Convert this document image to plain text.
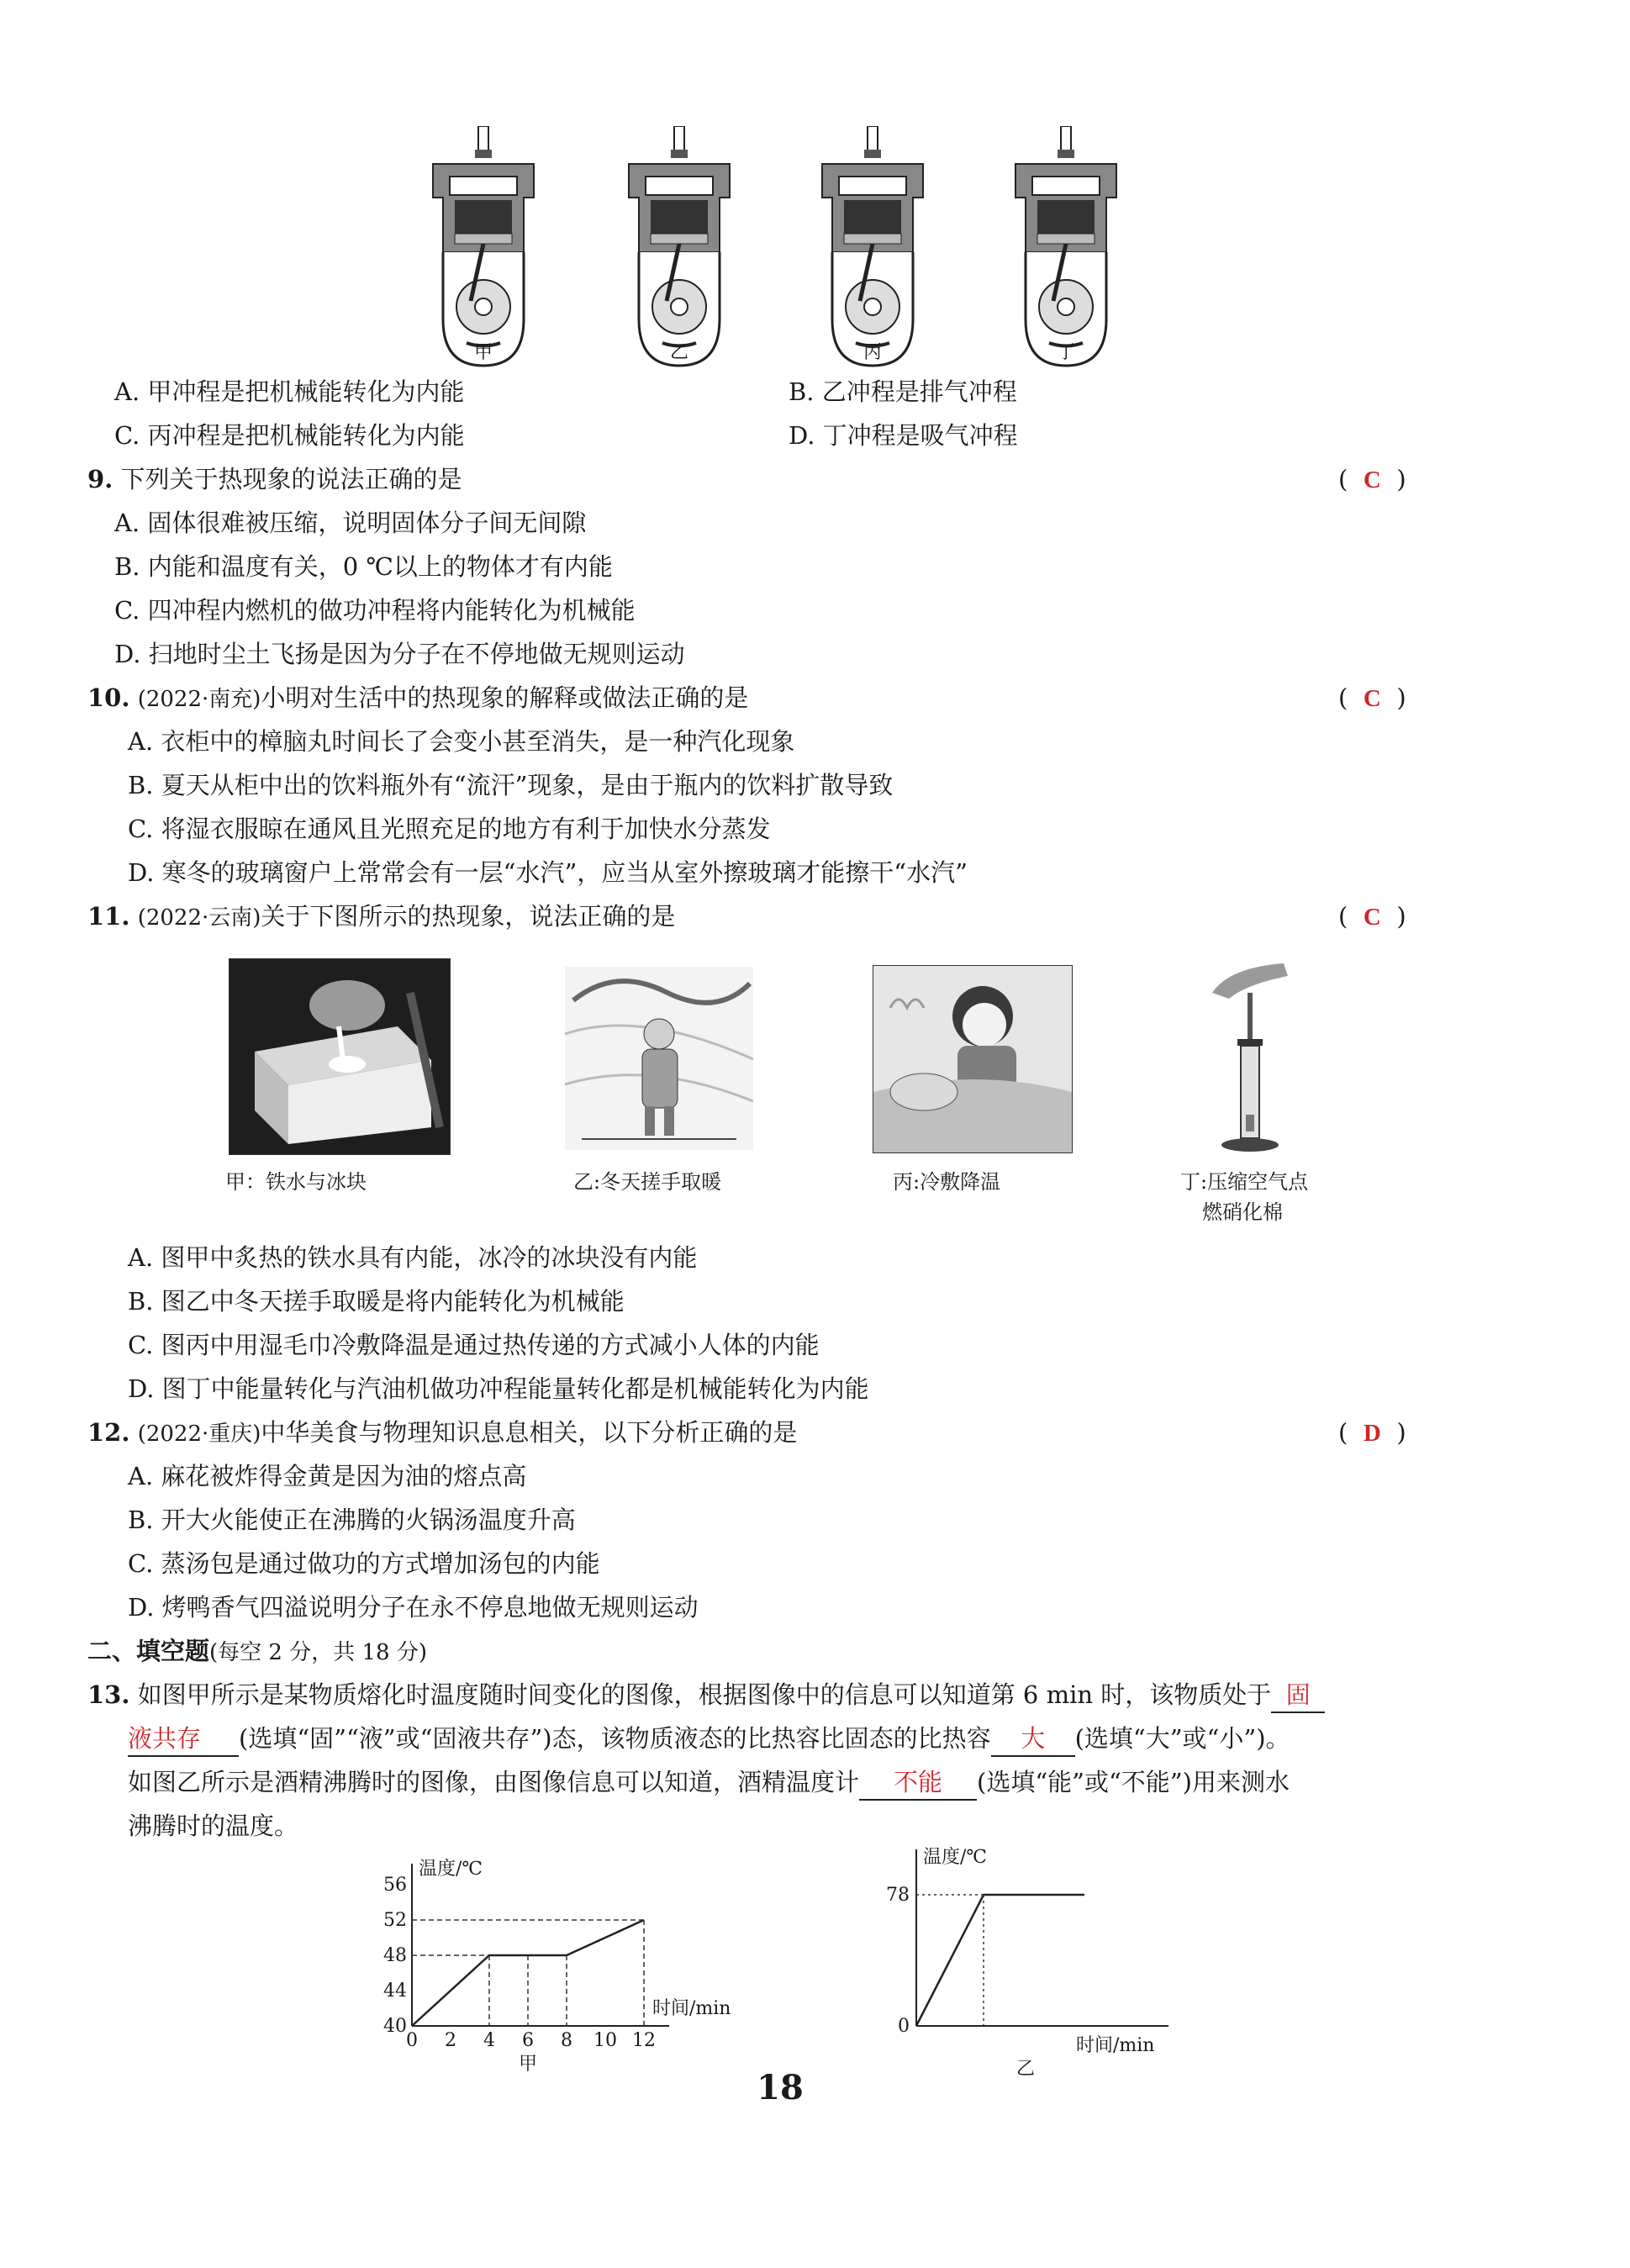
甲	乙	丙	丁
A. 甲冲程是把机械能转化为内能	B. 乙冲程是排气冲程
C. 丙冲程是把机械能转化为内能	D. 丁冲程是吸气冲程
9. 下列关于热现象的说法正确的是	( C )
A. 固体很难被压缩，说明固体分子间无间隙
B. 内能和温度有关，0 ℃以上的物体才有内能
C. 四冲程内燃机的做功冲程将内能转化为机械能
D. 扫地时尘土飞扬是因为分子在不停地做无规则运动
10. (2022·南充)小明对生活中的热现象的解释或做法正确的是	( C )
A. 衣柜中的樟脑丸时间长了会变小甚至消失，是一种汽化现象
B. 夏天从柜中出的饮料瓶外有“流汗”现象，是由于瓶内的饮料扩散导致
C. 将湿衣服晾在通风且光照充足的地方有利于加快水分蒸发
D. 寒冬的玻璃窗户上常常会有一层“水汽”，应当从室外擦玻璃才能擦干“水汽”
11. (2022·云南)关于下图所示的热现象，说法正确的是	( C )
甲：铁水与冰块	乙:冬天搓手取暖	丙:冷敷降温	丁:压缩空气点
燃硝化棉
A. 图甲中炙热的铁水具有内能，冰冷的冰块没有内能
B. 图乙中冬天搓手取暖是将内能转化为机械能
C. 图丙中用湿毛巾冷敷降温是通过热传递的方式减小人体的内能
D. 图丁中能量转化与汽油机做功冲程能量转化都是机械能转化为内能
12. (2022·重庆)中华美食与物理知识息息相关，以下分析正确的是	( D )
A. 麻花被炸得金黄是因为油的熔点高
B. 开大火能使正在沸腾的火锅汤温度升高
C. 蒸汤包是通过做功的方式增加汤包的内能
D. 烤鸭香气四溢说明分子在永不停息地做无规则运动
二、填空题(每空 2 分，共 18 分)
13. 如图甲所示是某物质熔化时温度随时间变化的图像，根据图像中的信息可以知道第 6 min 时，该物质处于 固
液共存 (选填“固”“液”或“固液共存”)态，该物质液态的比热容比固态的比热容 大 (选填“大”或“小”)。
如图乙所示是酒精沸腾时的图像，由图像信息可以知道，酒精温度计 不能 (选填“能”或“不能”)用来测水
沸腾时的温度。
温度/℃
时间/min
0 2 4 6 8 10 12
40
44
48
52
56
甲
温度/℃
时间/min
0
78
乙
18
